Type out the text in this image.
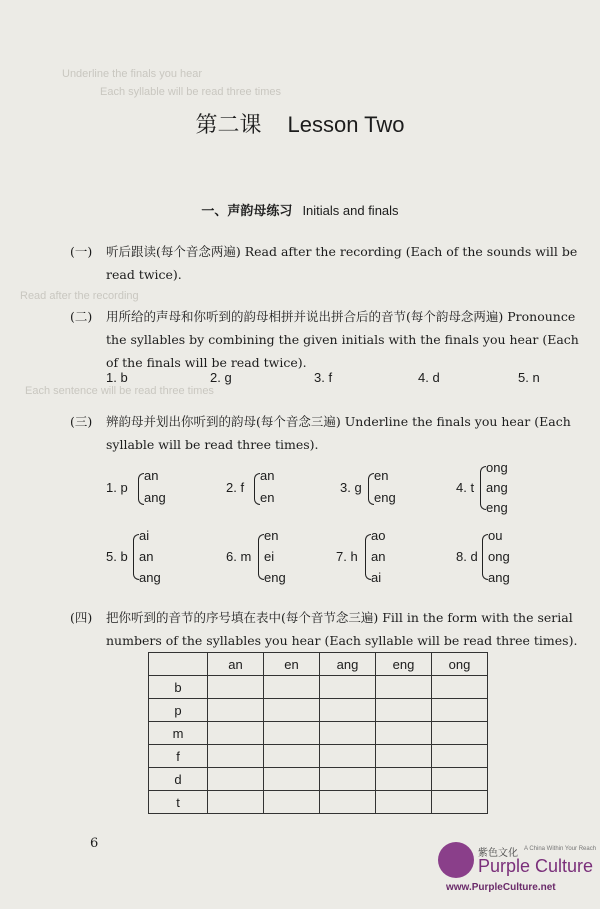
Underline the finals you hear
Each syllable will be read three times
Read after the recording
Each sentence will be read three times
第二课 Lesson Two
一、声韵母练习 Initials and finals
(一) 听后跟读(每个音念两遍) Read after the recording (Each of the sounds will be read twice).
(二) 用所给的声母和你听到的韵母相拼并说出拼合后的音节(每个韵母念两遍) Pronounce the syllables by combining the given initials with the finals you hear (Each of the finals will be read twice).
1. b	2. g	3. f	4. d	5. n
(三) 辨韵母并划出你听到的韵母(每个音念三遍) Underline the finals you hear (Each syllable will be read three times).
1. p
an
ang
2. f
an
en
3. g
en
eng
4. t
ong
ang
eng
5. b
ai
an
ang
6. m
en
ei
eng
7. h
ao
an
ai
8. d
ou
ong
ang
(四) 把你听到的音节的序号填在表中(每个音节念三遍) Fill in the form with the serial numbers of the syllables you hear (Each syllable will be read three times).
	an	en	ang	eng	ong
b					
p					
m					
f					
d					
t					
6
紫色文化 A China Within Your Reach
Purple Culture
www.PurpleCulture.net
